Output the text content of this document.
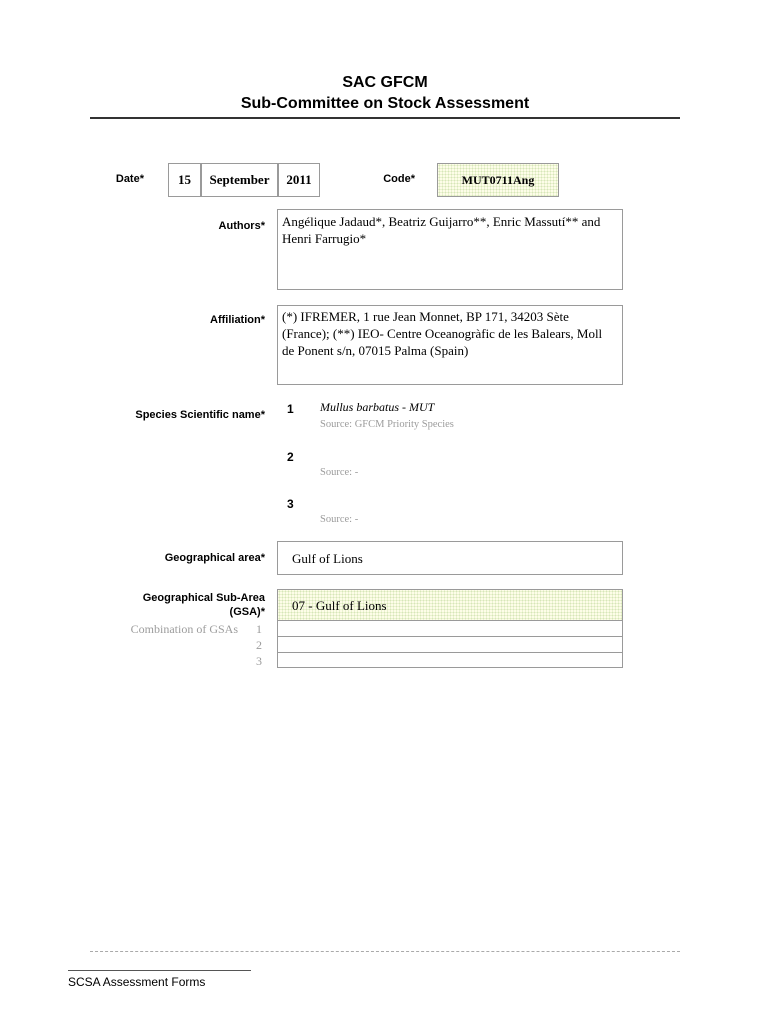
SAC GFCM
Sub-Committee on Stock Assessment
Date*	15 September 2011	Code*	MUT0711Ang
Authors* Angélique Jadaud*, Beatriz Guijarro**, Enric Massutí** and Henri Farrugio*
Affiliation* (*) IFREMER, 1 rue Jean Monnet, BP 171, 34203 Sète (France); (**) IEO- Centre Oceanogràfic de les Balears, Moll de Ponent s/n, 07015 Palma (Spain)
Species Scientific name* 1 Mullus barbatus - MUT
Source: GFCM Priority Species
2
Source: -
3
Source: -
Geographical area* Gulf of Lions
Geographical Sub-Area
(GSA)* 07 - Gulf of Lions
Combination of GSAs	1
2
3
SCSA Assessment Forms
